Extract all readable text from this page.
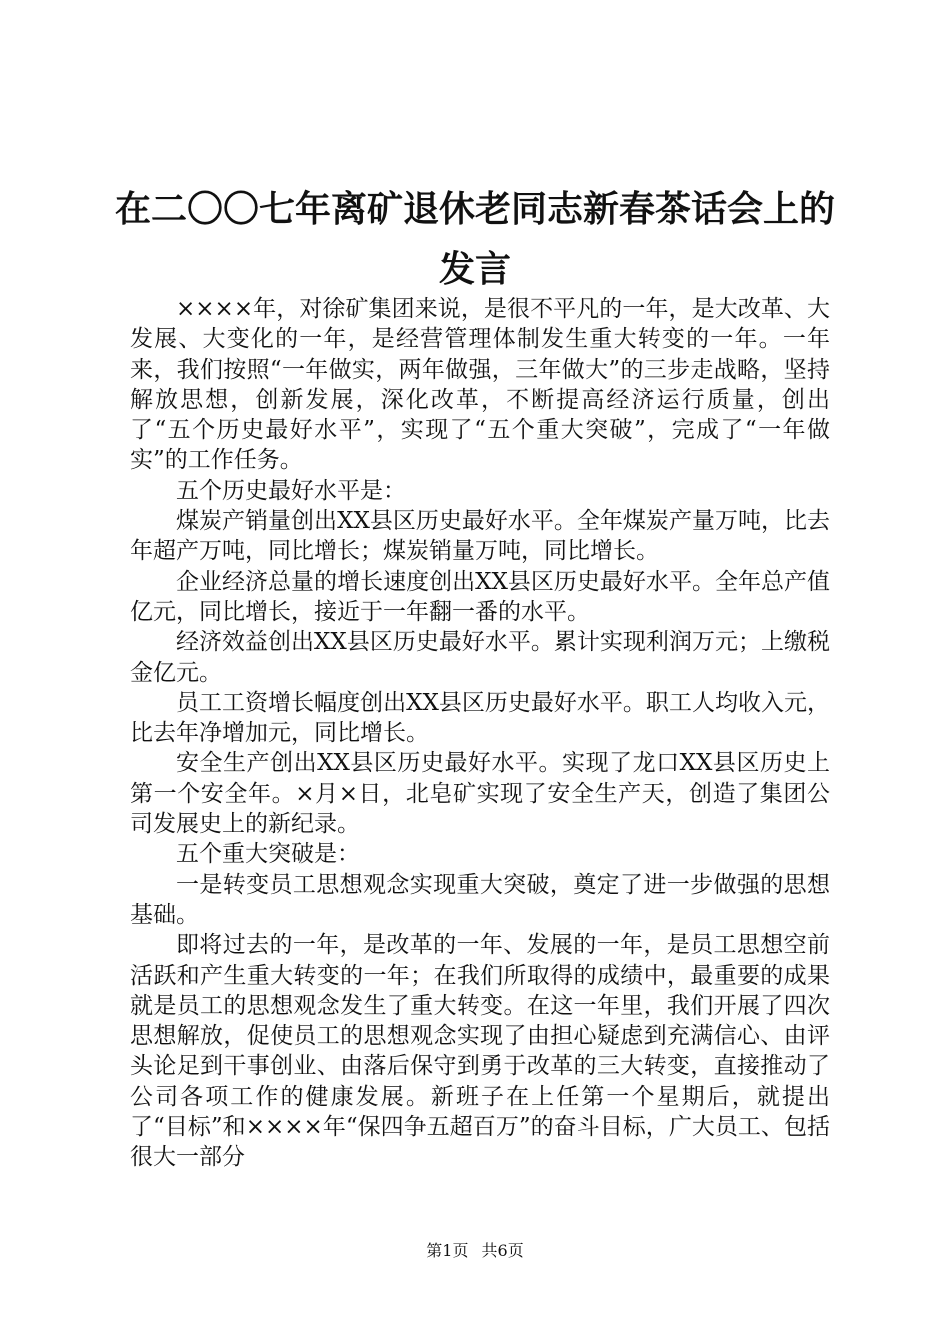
在二〇〇七年离矿退休老同志新春茶话会上的
发言

××××年，对徐矿集团来说，是很不平凡的一年，是大改革、大发展、大变化的一年，是经营管理体制发生重大转变的一年。一年来，我们按照“一年做实，两年做强，三年做大”的三步走战略，坚持解放思想，创新发展，深化改革，不断提高经济运行质量，创出了“五个历史最好水平”，实现了“五个重大突破”，完成了“一年做实”的工作任务。

五个历史最好水平是：

煤炭产销量创出XX县区历史最好水平。全年煤炭产量万吨，比去年超产万吨，同比增长；煤炭销量万吨，同比增长。

企业经济总量的增长速度创出XX县区历史最好水平。全年总产值亿元，同比增长，接近于一年翻一番的水平。

经济效益创出XX县区历史最好水平。累计实现利润万元；上缴税金亿元。

员工工资增长幅度创出XX县区历史最好水平。职工人均收入元，比去年净增加元，同比增长。

安全生产创出XX县区历史最好水平。实现了龙口XX县区历史上第一个安全年。×月×日，北皂矿实现了安全生产天，创造了集团公司发展史上的新纪录。

五个重大突破是：

一是转变员工思想观念实现重大突破，奠定了进一步做强的思想基础。

即将过去的一年，是改革的一年、发展的一年，是员工思想空前活跃和产生重大转变的一年；在我们所取得的成绩中，最重要的成果就是员工的思想观念发生了重大转变。在这一年里，我们开展了四次思想解放，促使员工的思想观念实现了由担心疑虑到充满信心、由评头论足到干事创业、由落后保守到勇于改革的三大转变，直接推动了公司各项工作的健康发展。新班子在上任第一个星期后，就提出了“目标”和××××年“保四争五超百万”的奋斗目标，广大员工、包括很大一部分

第1页 共6页
